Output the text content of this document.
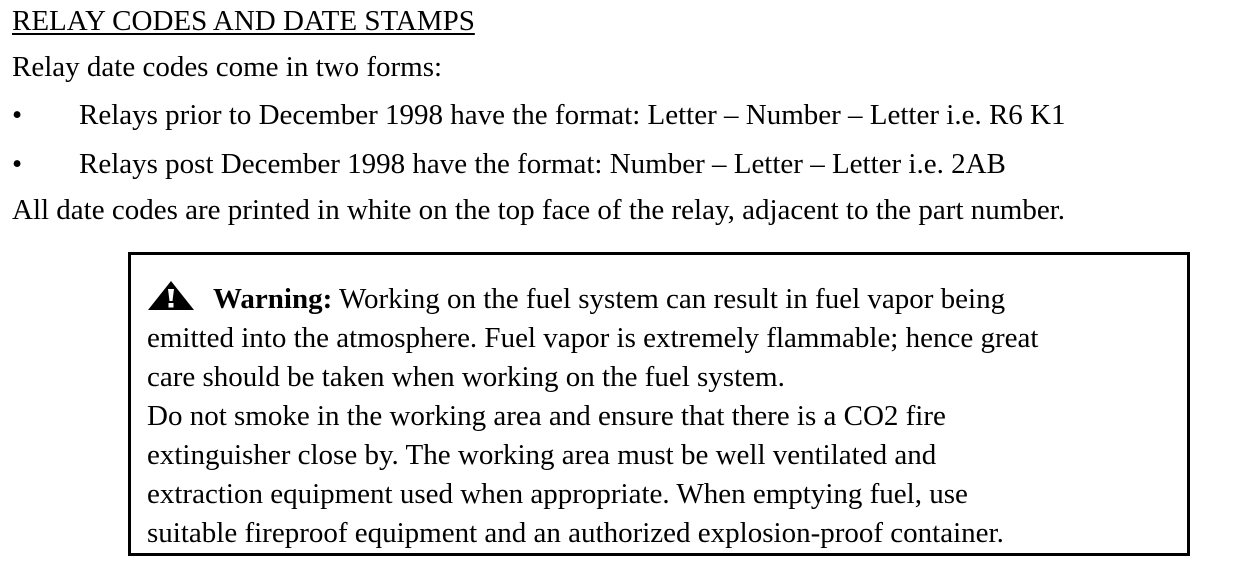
RELAY CODES AND DATE STAMPS
Relay date codes come in two forms:
•	Relays prior to December 1998 have the format: Letter – Number – Letter i.e. R6 K1
•	Relays post December 1998 have the format: Number – Letter – Letter i.e. 2AB
All date codes are printed in white on the top face of the relay, adjacent to the part number.
Warning: Working on the fuel system can result in fuel vapor being
emitted into the atmosphere. Fuel vapor is extremely flammable; hence great
care should be taken when working on the fuel system.
Do not smoke in the working area and ensure that there is a CO2 fire
extinguisher close by. The working area must be well ventilated and
extraction equipment used when appropriate. When emptying fuel, use
suitable fireproof equipment and an authorized explosion-proof container.
